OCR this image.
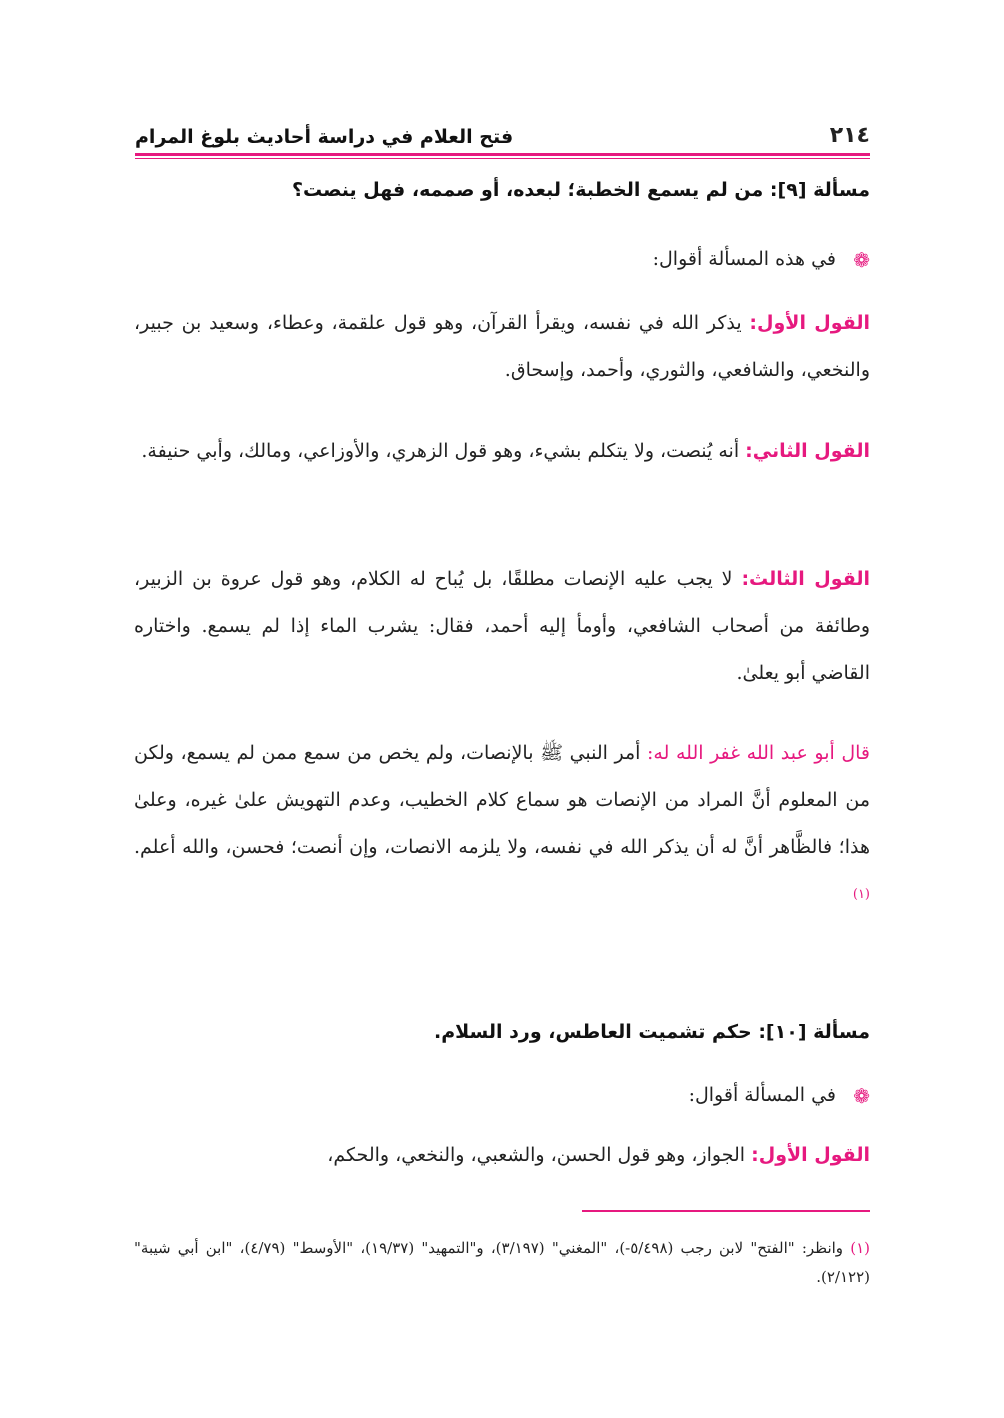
٢١٤
فتح العلام في دراسة أحاديث بلوغ المرام
مسألة [٩]: من لم يسمع الخطبة؛ لبعده، أو صممه، فهل ينصت؟
❁في هذه المسألة أقوال:
القول الأول: يذكر الله في نفسه، ويقرأ القرآن، وهو قول علقمة، وعطاء، وسعيد بن جبير، والنخعي، والشافعي، والثوري، وأحمد، وإسحاق.
القول الثاني: أنه يُنصت، ولا يتكلم بشيء، وهو قول الزهري، والأوزاعي، ومالك، وأبي حنيفة.
القول الثالث: لا يجب عليه الإنصات مطلقًا، بل يُباح له الكلام، وهو قول عروة بن الزبير، وطائفة من أصحاب الشافعي، وأومأ إليه أحمد، فقال: يشرب الماء إذا لم يسمع. واختاره القاضي أبو يعلىٰ.
قال أبو عبد الله غفر الله له: أمر النبي ﷺ بالإنصات، ولم يخص من سمع ممن لم يسمع، ولكن من المعلوم أنَّ المراد من الإنصات هو سماع كلام الخطيب، وعدم التهويش علىٰ غيره، وعلىٰ هذا؛ فالظَّاهر أنَّ له أن يذكر الله في نفسه، ولا يلزمه الانصات، وإن أنصت؛ فحسن، والله أعلم.$^{(١)}$
مسألة [١٠]: حكم تشميت العاطس، ورد السلام.
❁في المسألة أقوال:
القول الأول: الجواز، وهو قول الحسن، والشعبي، والنخعي، والحكم،
(١) وانظر: "الفتح" لابن رجب (٥/٤٩٨-)، "المغني" (٣/١٩٧)، و"التمهيد" (١٩/٣٧)، "الأوسط" (٤/٧٩)، "ابن أبي شيبة" (٢/١٢٢).
